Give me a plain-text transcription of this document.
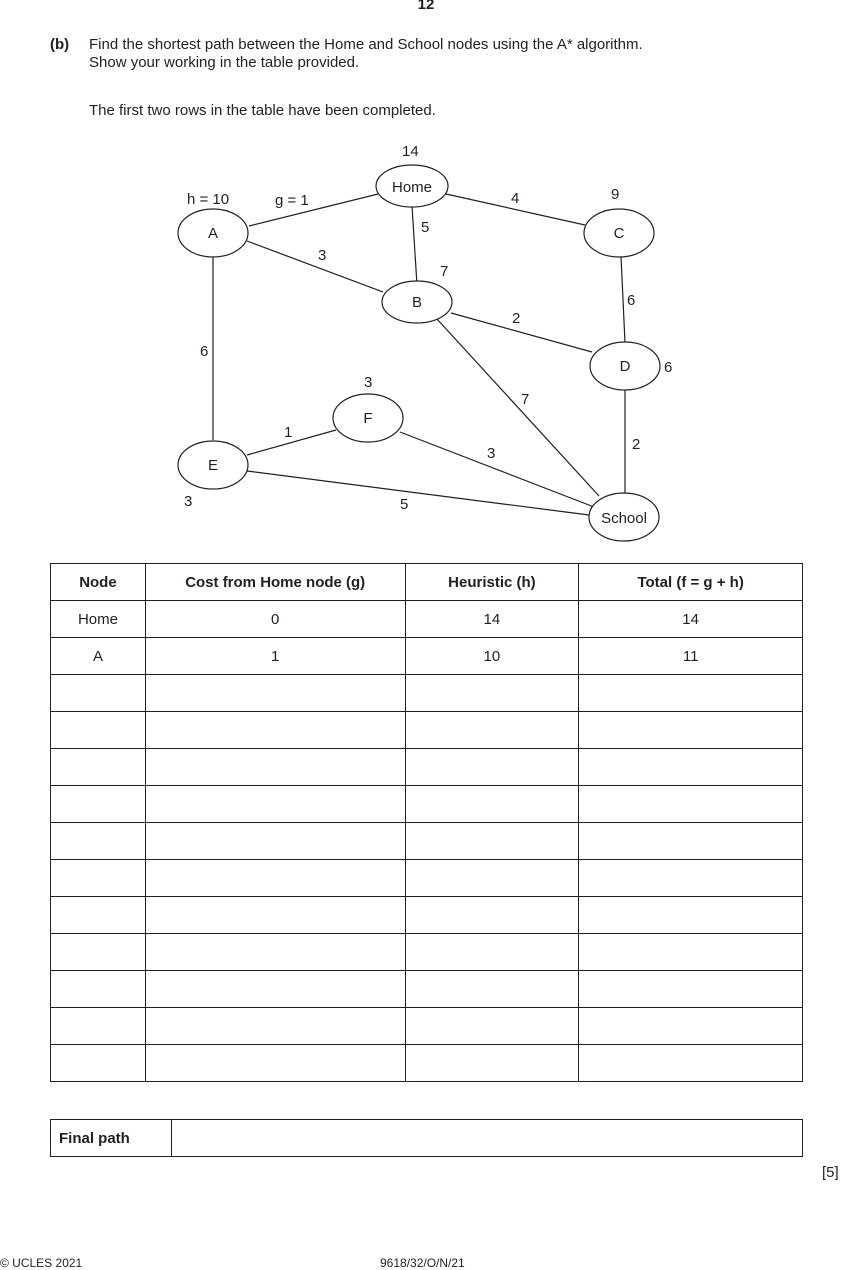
12
(b) Find the shortest path between the Home and School nodes using the A* algorithm.
Show your working in the table provided.
The first two rows in the table have been completed.
Home
A	C
B
D
F
E
School
14
h = 10	9
7
6
3
3
g = 1	4
5
3
6
6
2
7
2
1
3
5
Node	Cost from Home node (g)	Heuristic (h)	Total (f = g + h)
Home	0	14	14
A	1	10	11

Final path	
[5]
© UCLES 2021	9618/32/O/N/21
